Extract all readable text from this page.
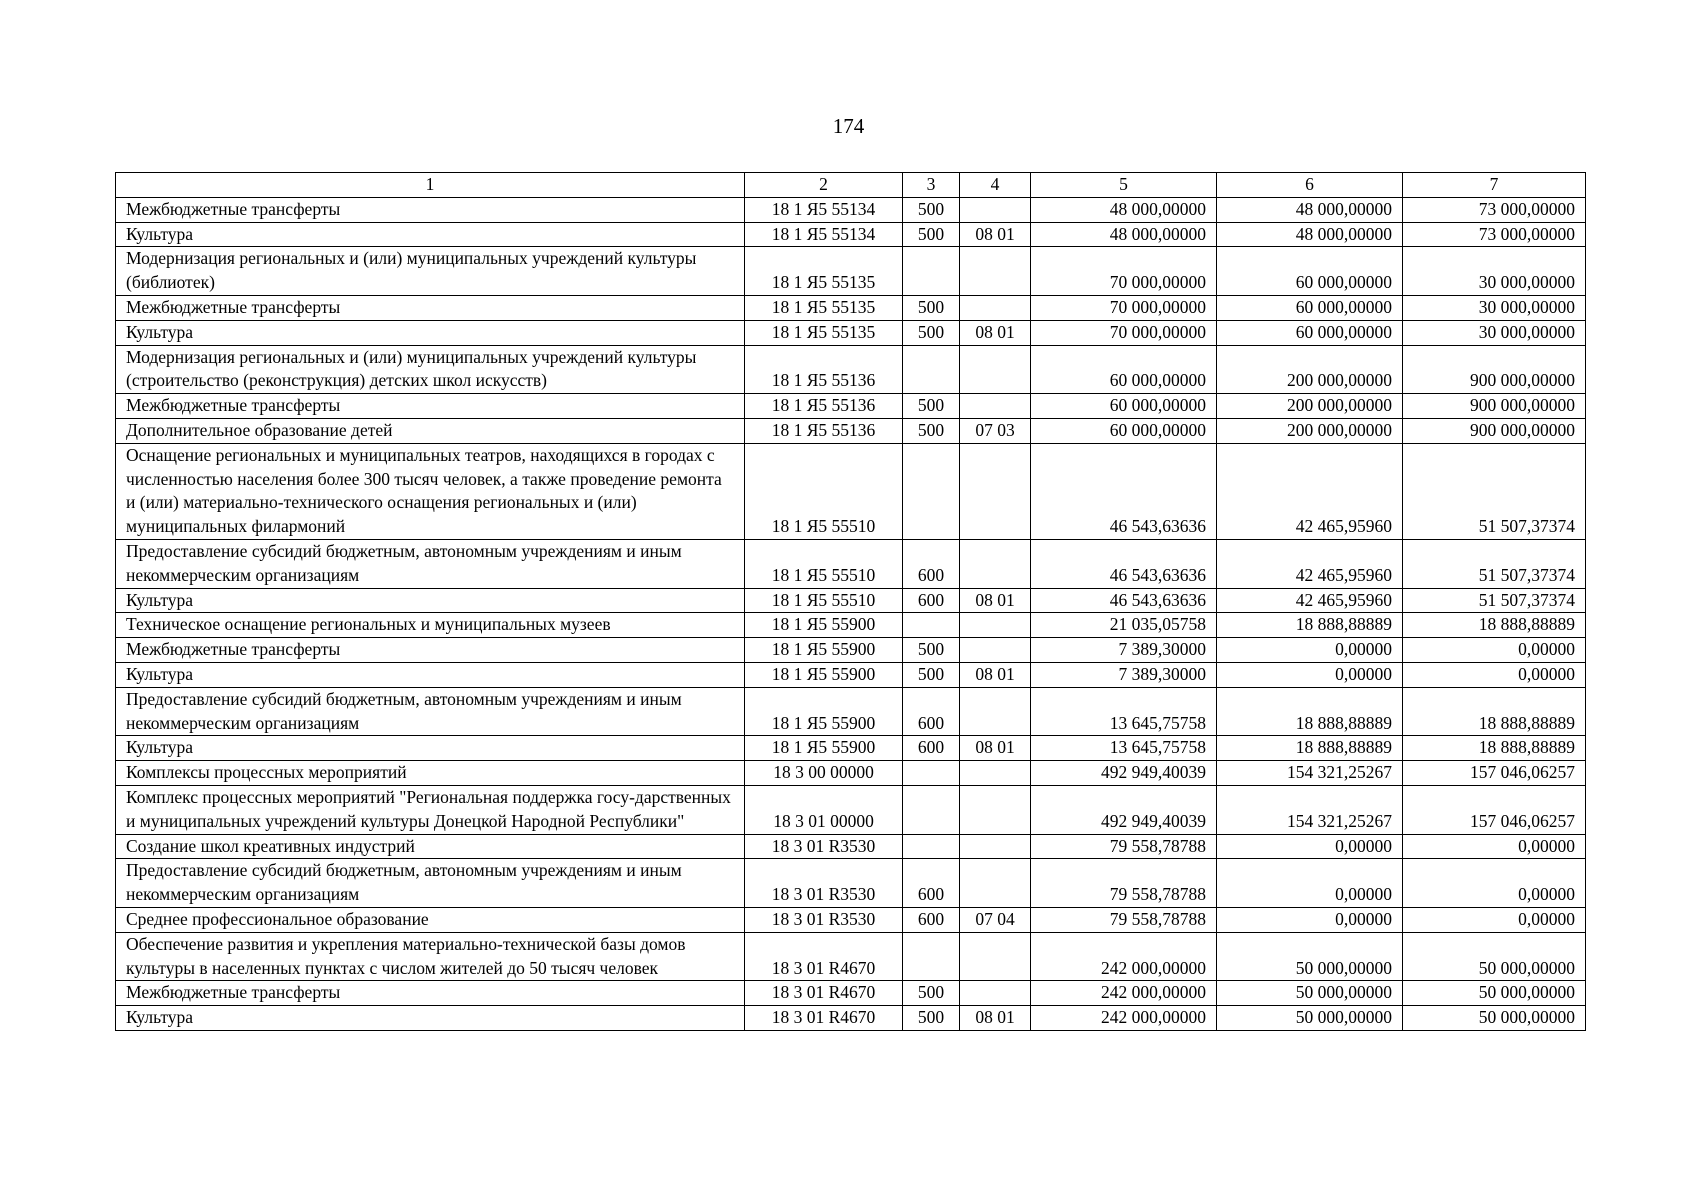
174
1	2	3	4	5	6	7
Межбюджетные трансферты	18 1 Я5 55134	500		48 000,00000	48 000,00000	73 000,00000
Культура	18 1 Я5 55134	500	08 01	48 000,00000	48 000,00000	73 000,00000
Модернизация региональных и (или) муниципальных учреждений культуры (библиотек)	18 1 Я5 55135			70 000,00000	60 000,00000	30 000,00000
Межбюджетные трансферты	18 1 Я5 55135	500		70 000,00000	60 000,00000	30 000,00000
Культура	18 1 Я5 55135	500	08 01	70 000,00000	60 000,00000	30 000,00000
Модернизация региональных и (или) муниципальных учреждений культуры (строительство (реконструкция) детских школ искусств)	18 1 Я5 55136			60 000,00000	200 000,00000	900 000,00000
Межбюджетные трансферты	18 1 Я5 55136	500		60 000,00000	200 000,00000	900 000,00000
Дополнительное образование детей	18 1 Я5 55136	500	07 03	60 000,00000	200 000,00000	900 000,00000
Оснащение региональных и муниципальных театров, находящихся в городах с численностью населения более 300 тысяч человек, а также проведение ремонта и (или) материально-технического оснащения региональных и (или) муниципальных филармоний	18 1 Я5 55510			46 543,63636	42 465,95960	51 507,37374
Предоставление субсидий бюджетным, автономным учреждениям и иным некоммерческим организациям	18 1 Я5 55510	600		46 543,63636	42 465,95960	51 507,37374
Культура	18 1 Я5 55510	600	08 01	46 543,63636	42 465,95960	51 507,37374
Техническое оснащение региональных и муниципальных музеев	18 1 Я5 55900			21 035,05758	18 888,88889	18 888,88889
Межбюджетные трансферты	18 1 Я5 55900	500		7 389,30000	0,00000	0,00000
Культура	18 1 Я5 55900	500	08 01	7 389,30000	0,00000	0,00000
Предоставление субсидий бюджетным, автономным учреждениям и иным некоммерческим организациям	18 1 Я5 55900	600		13 645,75758	18 888,88889	18 888,88889
Культура	18 1 Я5 55900	600	08 01	13 645,75758	18 888,88889	18 888,88889
Комплексы процессных мероприятий	18 3 00 00000			492 949,40039	154 321,25267	157 046,06257
Комплекс процессных мероприятий "Региональная поддержка госу-дарственных и муниципальных учреждений культуры Донецкой Народной Республики"	18 3 01 00000			492 949,40039	154 321,25267	157 046,06257
Создание школ креативных индустрий	18 3 01 R3530			79 558,78788	0,00000	0,00000
Предоставление субсидий бюджетным, автономным учреждениям и иным некоммерческим организациям	18 3 01 R3530	600		79 558,78788	0,00000	0,00000
Среднее профессиональное образование	18 3 01 R3530	600	07 04	79 558,78788	0,00000	0,00000
Обеспечение развития и укрепления материально-технической базы домов культуры в населенных пунктах с числом жителей до 50 тысяч человек	18 3 01 R4670			242 000,00000	50 000,00000	50 000,00000
Межбюджетные трансферты	18 3 01 R4670	500		242 000,00000	50 000,00000	50 000,00000
Культура	18 3 01 R4670	500	08 01	242 000,00000	50 000,00000	50 000,00000
